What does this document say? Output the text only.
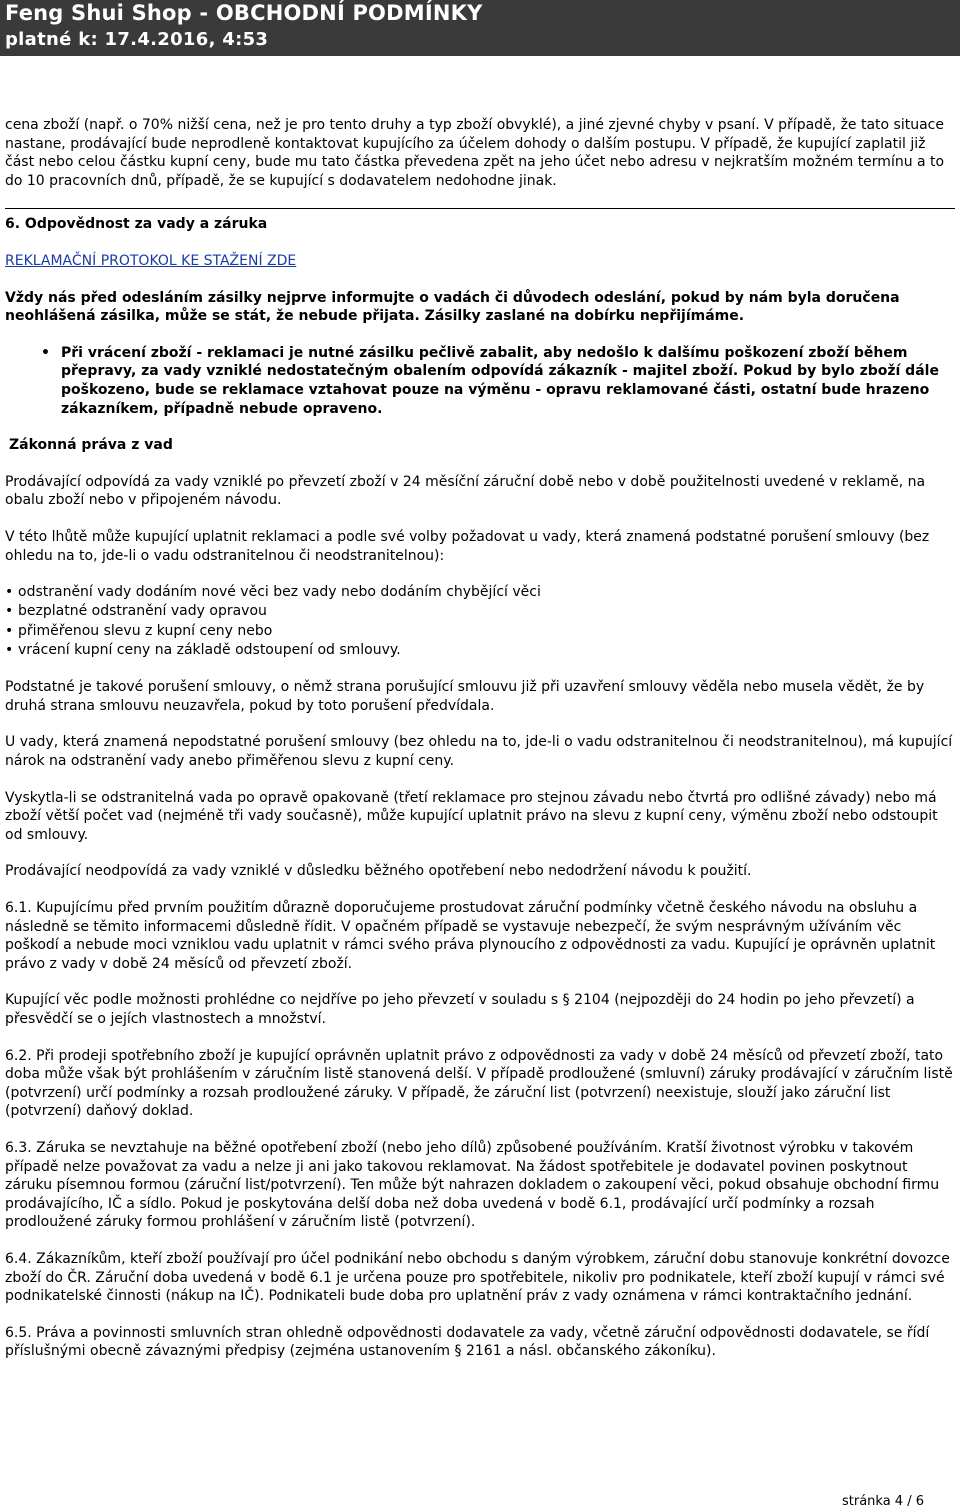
Feng Shui Shop - OBCHODNÍ PODMÍNKY
platné k: 17.4.2016, 4:53

cena zboží (např. o 70% nižší cena, než je pro tento druhy a typ zboží obvyklé), a jiné zjevné chyby v psaní. V případě, že tato situace nastane, prodávající bude neprodleně kontaktovat kupujícího za účelem dohody o dalším postupu. V případě, že kupující zaplatil již část nebo celou částku kupní ceny, bude mu tato částka převedena zpět na jeho účet nebo adresu v nejkratším možném termínu a to do 10 pracovních dnů, případě, že se kupující s dodavatelem nedohodne jinak.

6. Odpovědnost za vady a záruka
REKLAMAČNÍ PROTOKOL KE STAŽENÍ ZDE

Vždy nás před odesláním zásilky nejprve informujte o vadách či důvodech odeslání, pokud by nám byla doručena neohlášená zásilka, může se stát, že nebude přijata. Zásilky zaslané na dobírku nepřijímáme.

• Při vrácení zboží - reklamaci je nutné zásilku pečlivě zabalit, aby nedošlo k dalšímu poškození zboží během přepravy, za vady vzniklé nedostatečným obalením odpovídá zákazník - majitel zboží. Pokud by bylo zboží dále poškozeno, bude se reklamace vztahovat pouze na výměnu - opravu reklamované části, ostatní bude hrazeno zákazníkem, případně nebude opraveno.
Zákonná práva z vad

Prodávající odpovídá za vady vzniklé po převzetí zboží v 24 měsíční záruční době nebo v době použitelnosti uvedené v reklamě, na obalu zboží nebo v připojeném návodu.

V této lhůtě může kupující uplatnit reklamaci a podle své volby požadovat u vady, která znamená podstatné porušení smlouvy (bez ohledu na to, jde-li o vadu odstranitelnou či neodstranitelnou):

• odstranění vady dodáním nové věci bez vady nebo dodáním chybějící věci
• bezplatné odstranění vady opravou
• přiměřenou slevu z kupní ceny nebo
• vrácení kupní ceny na základě odstoupení od smlouvy.

Podstatné je takové porušení smlouvy, o němž strana porušující smlouvu již při uzavření smlouvy věděla nebo musela vědět, že by druhá strana smlouvu neuzavřela, pokud by toto porušení předvídala.

U vady, která znamená nepodstatné porušení smlouvy (bez ohledu na to, jde-li o vadu odstranitelnou či neodstranitelnou), má kupující nárok na odstranění vady anebo přiměřenou slevu z kupní ceny.

Vyskytla-li se odstranitelná vada po opravě opakovaně (třetí reklamace pro stejnou závadu nebo čtvrtá pro odlišné závady) nebo má zboží větší počet vad (nejméně tři vady současně), může kupující uplatnit právo na slevu z kupní ceny, výměnu zboží nebo odstoupit od smlouvy.

Prodávající neodpovídá za vady vzniklé v důsledku běžného opotřebení nebo nedodržení návodu k použití.

6.1. Kupujícímu před prvním použitím důrazně doporučujeme prostudovat záruční podmínky včetně českého návodu na obsluhu a následně se těmito informacemi důsledně řídit. V opačném případě se vystavuje nebezpečí, že svým nesprávným užíváním věc poškodí a nebude moci vzniklou vadu uplatnit v rámci svého práva plynoucího z odpovědnosti za vadu. Kupující je oprávněn uplatnit právo z vady v době 24 měsíců od převzetí zboží.

Kupující věc podle možnosti prohlédne co nejdříve po jeho převzetí v souladu s § 2104 (nejpozději do 24 hodin po jeho převzetí) a přesvědčí se o jejích vlastnostech a množství.

6.2. Při prodeji spotřebního zboží je kupující oprávněn uplatnit právo z odpovědnosti za vady v době 24 měsíců od převzetí zboží, tato doba může však být prohlášením v záručním listě stanovená delší. V případě prodloužené (smluvní) záruky prodávající v záručním listě (potvrzení) určí podmínky a rozsah prodloužené záruky. V případě, že záruční list (potvrzení) neexistuje, slouží jako záruční list (potvrzení) daňový doklad.

6.3. Záruka se nevztahuje na běžné opotřebení zboží (nebo jeho dílů) způsobené používáním. Kratší životnost výrobku v takovém případě nelze považovat za vadu a nelze ji ani jako takovou reklamovat. Na žádost spotřebitele je dodavatel povinen poskytnout záruku písemnou formou (záruční list/potvrzení). Ten může být nahrazen dokladem o zakoupení věci, pokud obsahuje obchodní firmu prodávajícího, IČ a sídlo. Pokud je poskytována delší doba než doba uvedená v bodě 6.1, prodávající určí podmínky a rozsah prodloužené záruky formou prohlášení v záručním listě (potvrzení).

6.4. Zákazníkům, kteří zboží používají pro účel podnikání nebo obchodu s daným výrobkem, záruční dobu stanovuje konkrétní dovozce zboží do ČR. Záruční doba uvedená v bodě 6.1 je určena pouze pro spotřebitele, nikoliv pro podnikatele, kteří zboží kupují v rámci své podnikatelské činnosti (nákup na IČ). Podnikateli bude doba pro uplatnění práv z vady oznámena v rámci kontraktačního jednání.

6.5. Práva a povinnosti smluvních stran ohledně odpovědnosti dodavatele za vady, včetně záruční odpovědnosti dodavatele, se řídí příslušnými obecně závaznými předpisy (zejména ustanovením § 2161 a násl. občanského zákoníku).

stránka 4 / 6
